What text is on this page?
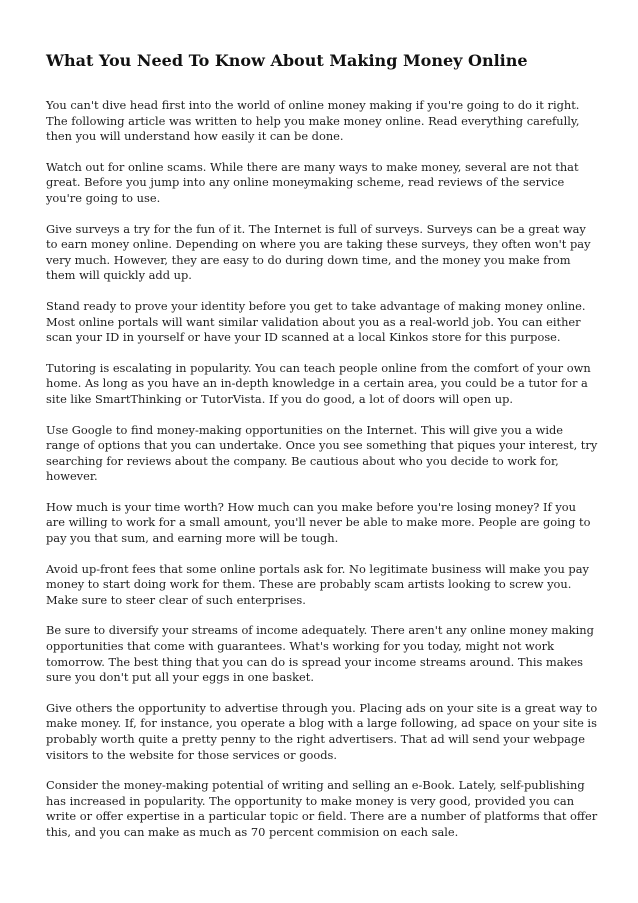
What You Need To Know About Making Money Online

You can't dive head first into the world of online money making if you're going to do it right. The following article was written to help you make money online. Read everything carefully, then you will understand how easily it can be done.

Watch out for online scams. While there are many ways to make money, several are not that great. Before you jump into any online moneymaking scheme, read reviews of the service you're going to use.

Give surveys a try for the fun of it. The Internet is full of surveys. Surveys can be a great way to earn money online. Depending on where you are taking these surveys, they often won't pay very much. However, they are easy to do during down time, and the money you make from them will quickly add up.

Stand ready to prove your identity before you get to take advantage of making money online. Most online portals will want similar validation about you as a real-world job. You can either scan your ID in yourself or have your ID scanned at a local Kinkos store for this purpose.

Tutoring is escalating in popularity. You can teach people online from the comfort of your own home. As long as you have an in-depth knowledge in a certain area, you could be a tutor for a site like SmartThinking or TutorVista. If you do good, a lot of doors will open up.

Use Google to find money-making opportunities on the Internet. This will give you a wide range of options that you can undertake. Once you see something that piques your interest, try searching for reviews about the company. Be cautious about who you decide to work for, however.

How much is your time worth? How much can you make before you're losing money? If you are willing to work for a small amount, you'll never be able to make more. People are going to pay you that sum, and earning more will be tough.

Avoid up-front fees that some online portals ask for. No legitimate business will make you pay money to start doing work for them. These are probably scam artists looking to screw you. Make sure to steer clear of such enterprises.

Be sure to diversify your streams of income adequately. There aren't any online money making opportunities that come with guarantees. What's working for you today, might not work tomorrow. The best thing that you can do is spread your income streams around. This makes sure you don't put all your eggs in one basket.

Give others the opportunity to advertise through you. Placing ads on your site is a great way to make money. If, for instance, you operate a blog with a large following, ad space on your site is probably worth quite a pretty penny to the right advertisers. That ad will send your webpage visitors to the website for those services or goods.

Consider the money-making potential of writing and selling an e-Book. Lately, self-publishing has increased in popularity. The opportunity to make money is very good, provided you can write or offer expertise in a particular topic or field. There are a number of platforms that offer this, and you can make as much as 70 percent commision on each sale.
